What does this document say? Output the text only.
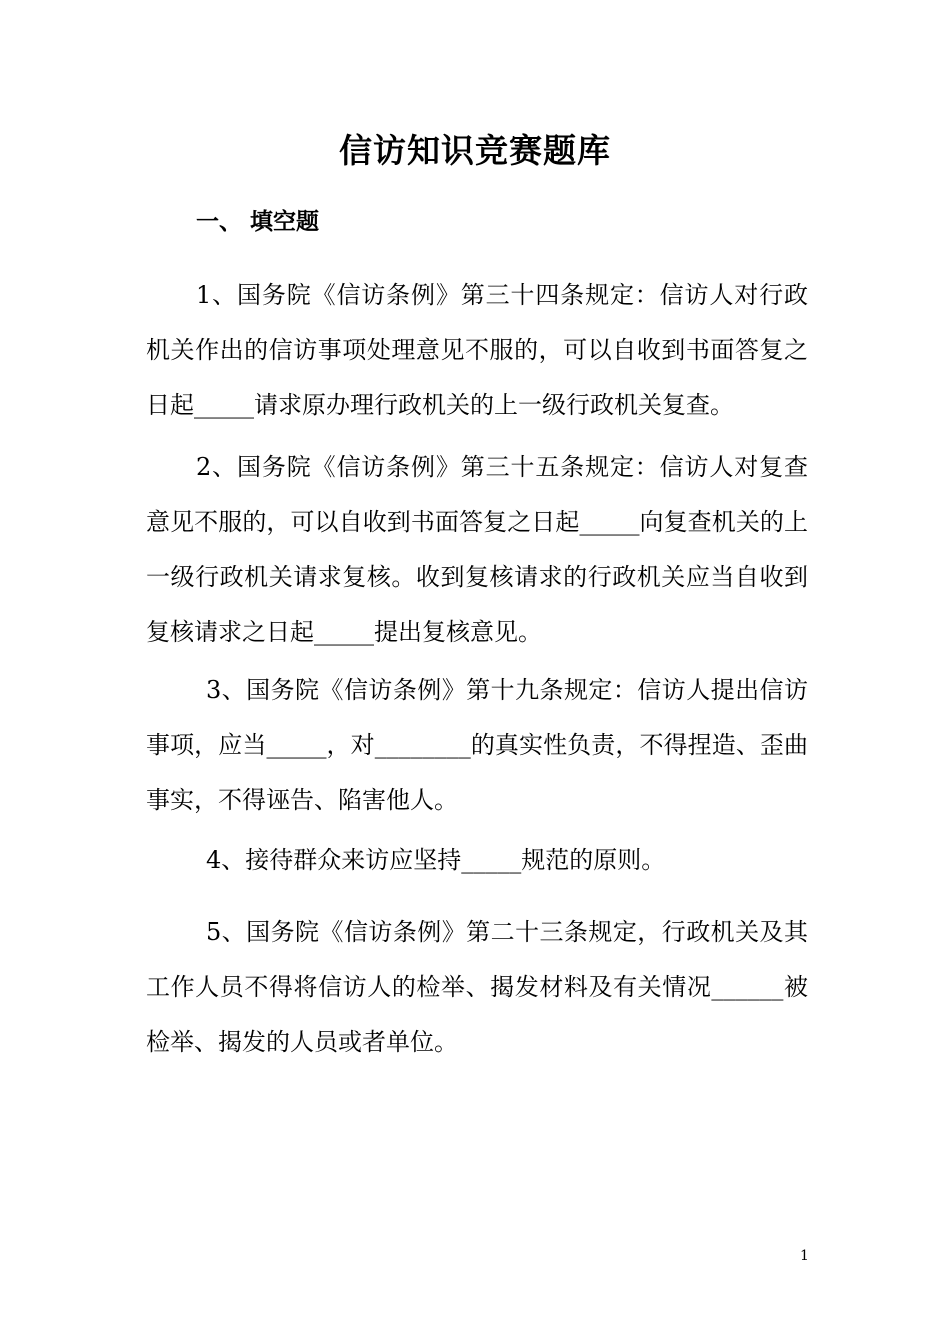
信访知识竞赛题库
一、 填空题

1、国务院《信访条例》第三十四条规定：信访人对行政机关作出的信访事项处理意见不服的，可以自收到书面答复之日起_____请求原办理行政机关的上一级行政机关复查。

2、国务院《信访条例》第三十五条规定：信访人对复查意见不服的，可以自收到书面答复之日起_____向复查机关的上一级行政机关请求复核。收到复核请求的行政机关应当自收到复核请求之日起_____提出复核意见。

3、国务院《信访条例》第十九条规定：信访人提出信访事项，应当_____，对________的真实性负责，不得捏造、歪曲事实，不得诬告、陷害他人。

4、接待群众来访应坚持_____规范的原则。

5、国务院《信访条例》第二十三条规定，行政机关及其工作人员不得将信访人的检举、揭发材料及有关情况______被检举、揭发的人员或者单位。

1
